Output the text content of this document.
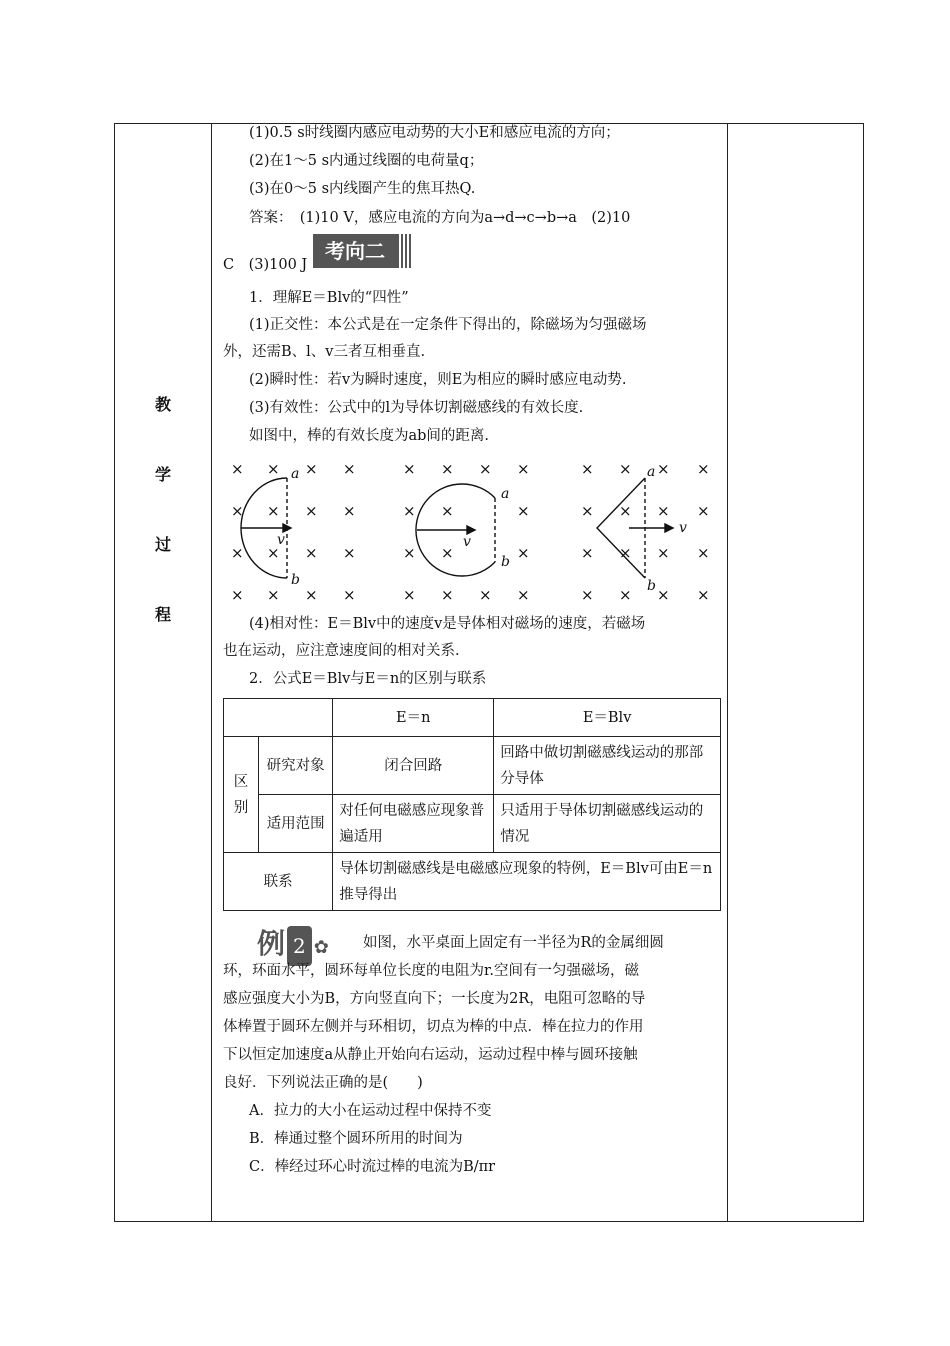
教
学
过
程
(1)0.5 s时线圈内感应电动势的大小E和感应电流的方向；
(2)在1～5 s内通过线圈的电荷量q；
(3)在0～5 s内线圈产生的焦耳热Q.
答案：　(1)10 V，感应电流的方向为a→d→c→b→a　(2)10
C　(3)100 J
考向二
1．理解E＝Blv的“四性”
(1)正交性：本公式是在一定条件下得出的，除磁场为匀强磁场
外，还需B、l、v三者互相垂直.
(2)瞬时性：若v为瞬时速度，则E为相应的瞬时感应电动势.
(3)有效性：公式中的l为导体切割磁感线的有效长度.
如图中，棒的有效长度为ab间的距离.
(4)相对性：E＝Blv中的速度v是导体相对磁场的速度，若磁场
也在运动，应注意速度间的相对关系.
2．公式E＝Blv与E＝n的区别与联系
例 2 ✿ 如图，水平桌面上固定有一半径为R的金属细圆
环，环面水平，圆环每单位长度的电阻为r.空间有一匀强磁场，磁
感应强度大小为B，方向竖直向下；一长度为2R，电阻可忽略的导
体棒置于圆环左侧并与环相切，切点为棒的中点．棒在拉力的作用
下以恒定加速度a从静止开始向右运动，运动过程中棒与圆环接触
良好．下列说法正确的是(　　)
A．拉力的大小在运动过程中保持不变
B．棒通过整个圆环所用的时间为
C．棒经过环心时流过棒的电流为B/πr
× × × ×
× × × ×
× × × ×
× × × ×
× × × ×
× ×	×
× ×	×
× × × ×
× × × ×
× × × ×
× × × ×
× × × ×
a
b
v
a
b
v
a
b
v
		E＝n	E＝Blv
区别	研究对象	闭合回路	回路中做切割磁感线运动的那部分导体
	适用范围	对任何电磁感应现象普遍适用	只适用于导体切割磁感线运动的情况
联系		导体切割磁感线是电磁感应现象的特例，E＝Blv可由E＝n推导得出	
